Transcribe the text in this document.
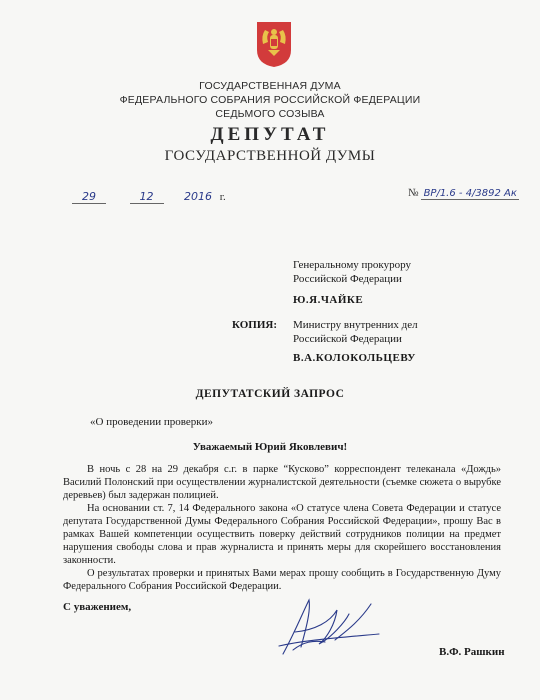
ГОСУДАРСТВЕННАЯ ДУМА
ФЕДЕРАЛЬНОГО СОБРАНИЯ РОССИЙСКОЙ ФЕДЕРАЦИИ
СЕДЬМОГО СОЗЫВА
ДЕПУТАТ
ГОСУДАРСТВЕННОЙ ДУМЫ
29	12	2016 г.	№ ВР/1.6 - 4/3892 Ак
Генеральному прокурору
Российской Федерации
Ю.Я.ЧАЙКЕ
КОПИЯ: Министру внутренних дел
Российской Федерации
В.А.КОЛОКОЛЬЦЕВУ
ДЕПУТАТСКИЙ ЗАПРОС
«О проведении проверки»
Уважаемый Юрий Яковлевич!
В ночь с 28 на 29 декабря с.г. в парке “Кусково” корреспондент телеканала «Дождь» Василий Полонский при осуществлении журналистской деятельности (съемке сюжета о вырубке деревьев) был задержан полицией.
На основании ст. 7, 14 Федерального закона «О статусе члена Совета Федерации и статусе депутата Государственной Думы Федерального Собрания Российской Федерации», прошу Вас в рамках Вашей компетенции осуществить поверку действий сотрудников полиции на предмет нарушения свободы слова и прав журналиста и принять меры для скорейшего восстановления законности.
О результатах проверки и принятых Вами мерах прошу сообщить в Государственную Думу Федерального Собрания Российской Федерации.
С уважением,
В.Ф. Рашкин
